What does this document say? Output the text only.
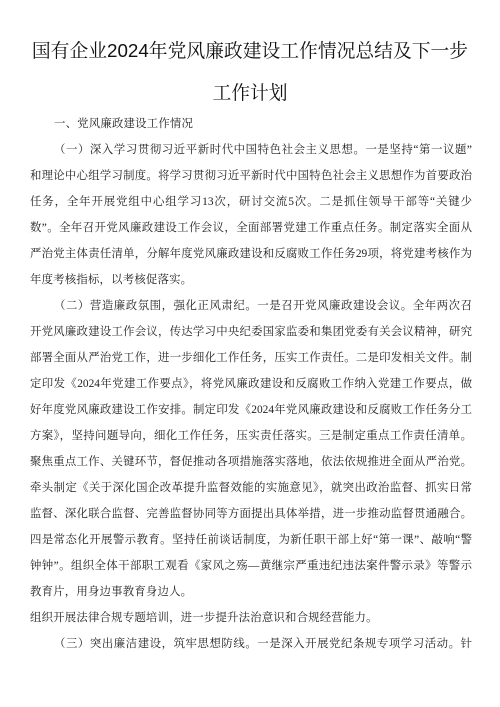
国有企业2024年党风廉政建设工作情况总结及下一步
工作计划
一、党风廉政建设工作情况
（一）深入学习贯彻习近平新时代中国特色社会主义思想。一是坚持“第一议题”
和理论中心组学习制度。将学习贯彻习近平新时代中国特色社会主义思想作为首要政治
任务，全年开展党组中心组学习13次，研讨交流5次。二是抓住领导干部等“关键少
数”。全年召开党风廉政建设工作会议，全面部署党建工作重点任务。制定落实全面从
严治党主体责任清单，分解年度党风廉政建设和反腐败工作任务29项，将党建考核作为
年度考核指标，以考核促落实。
（二）营造廉政氛围，强化正风肃纪。一是召开党风廉政建设会议。全年两次召
开党风廉政建设工作会议，传达学习中央纪委国家监委和集团党委有关会议精神，研究
部署全面从严治党工作，进一步细化工作任务，压实工作责任。二是印发相关文件。制
定印发《2024年党建工作要点》，将党风廉政建设和反腐败工作纳入党建工作要点，做
好年度党风廉政建设工作安排。制定印发《2024年党风廉政建设和反腐败工作任务分工
方案》，坚持问题导向，细化工作任务，压实责任落实。三是制定重点工作责任清单。
聚焦重点工作、关键环节，督促推动各项措施落实落地，依法依规推进全面从严治党。
牵头制定《关于深化国企改革提升监督效能的实施意见》，就突出政治监督、抓实日常
监督、深化联合监督、完善监督协同等方面提出具体举措，进一步推动监督贯通融合。
四是常态化开展警示教育。坚持任前谈话制度，为新任职干部上好“第一课”、敲响“警
钟钟”。组织全体干部职工观看《家风之殇—黄继宗严重违纪违法案件警示录》等警示
教育片，用身边事教育身边人。
组织开展法律合规专题培训，进一步提升法治意识和合规经营能力。
（三）突出廉洁建设，筑牢思想防线。一是深入开展党纪条规专项学习活动。针
